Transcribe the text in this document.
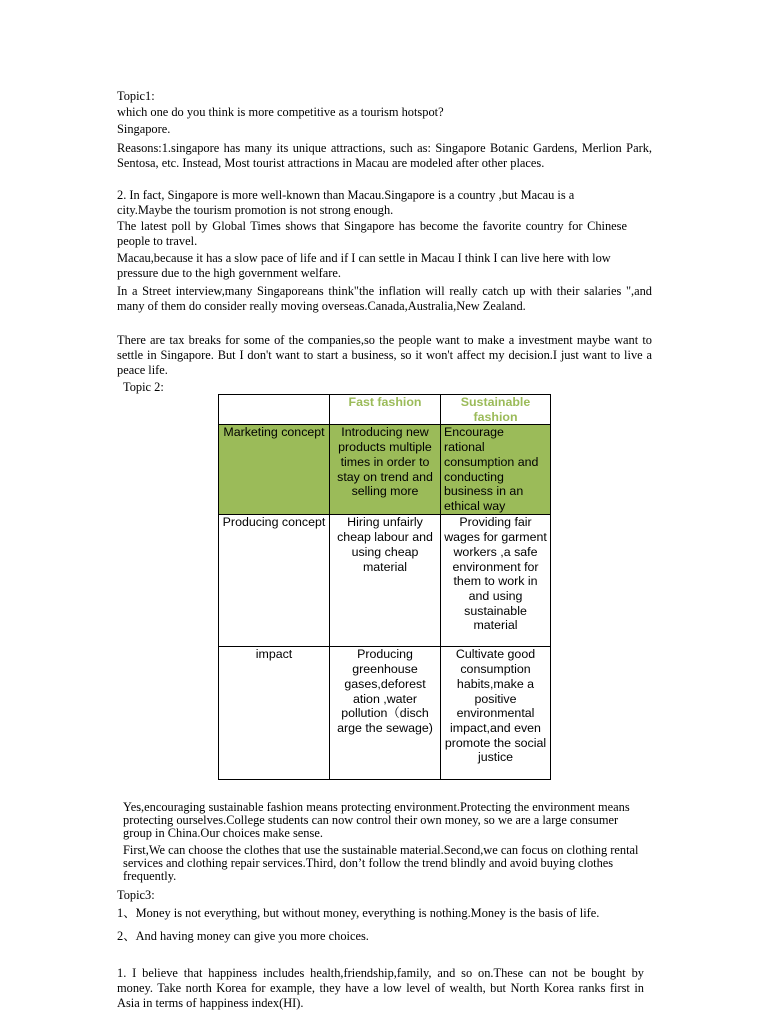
Topic1:

which one do you think is more competitive as a tourism hotspot?

Singapore.

Reasons:1.singapore has many its unique attractions, such as: Singapore Botanic Gardens, Merlion Park, Sentosa, etc. Instead, Most tourist attractions in Macau are modeled after other places.

2. In fact, Singapore is more well-known than Macau.Singapore is a country ,but Macau is a city.Maybe the tourism promotion is not strong enough.

The latest poll by Global Times shows that Singapore has become the favorite country for Chinese people to travel.

Macau,because it has a slow pace of life and if I can settle in Macau I think I can live here with low pressure due to the high government welfare.

In a Street interview,many Singaporeans think"the inflation will really catch up with their salaries ",and many of them do consider really moving overseas.Canada,Australia,New Zealand.

There are tax breaks for some of the companies,so the people want to make a investment maybe want to settle in Singapore. But I don't want to start a business, so it won't affect my decision.I just want to live a peace life.

Topic 2:

	Fast fashion	Sustainable fashion
Marketing concept	Introducing new products multiple times in order to stay on trend and selling more	Encourage rational consumption and conducting business in an ethical way
Producing concept	Hiring unfairly cheap labour and using cheap material	Providing fair wages for garment workers ,a safe environment for them to work in and using sustainable material
impact	Producing greenhouse gases,deforest ation ,water pollution（disch arge the sewage)	Cultivate good consumption habits,make a positive environmental impact,and even promote the social justice

Yes,encouraging sustainable fashion means protecting environment.Protecting the environment means protecting ourselves.College students can now control their own money, so we are a large consumer group in China.Our choices make sense.

First,We can choose the clothes that use the sustainable material.Second,we can focus on clothing rental services and clothing repair services.Third, don’t follow the trend blindly and avoid buying clothes frequently.

Topic3:

1、Money is not everything, but without money, everything is nothing.Money is the basis of life.

2、And having money can give you more choices.

1. I believe that happiness includes health,friendship,family, and so on.These can not be bought by money. Take north Korea for example, they have a low level of wealth, but North Korea ranks first in Asia in terms of happiness index(HI).
